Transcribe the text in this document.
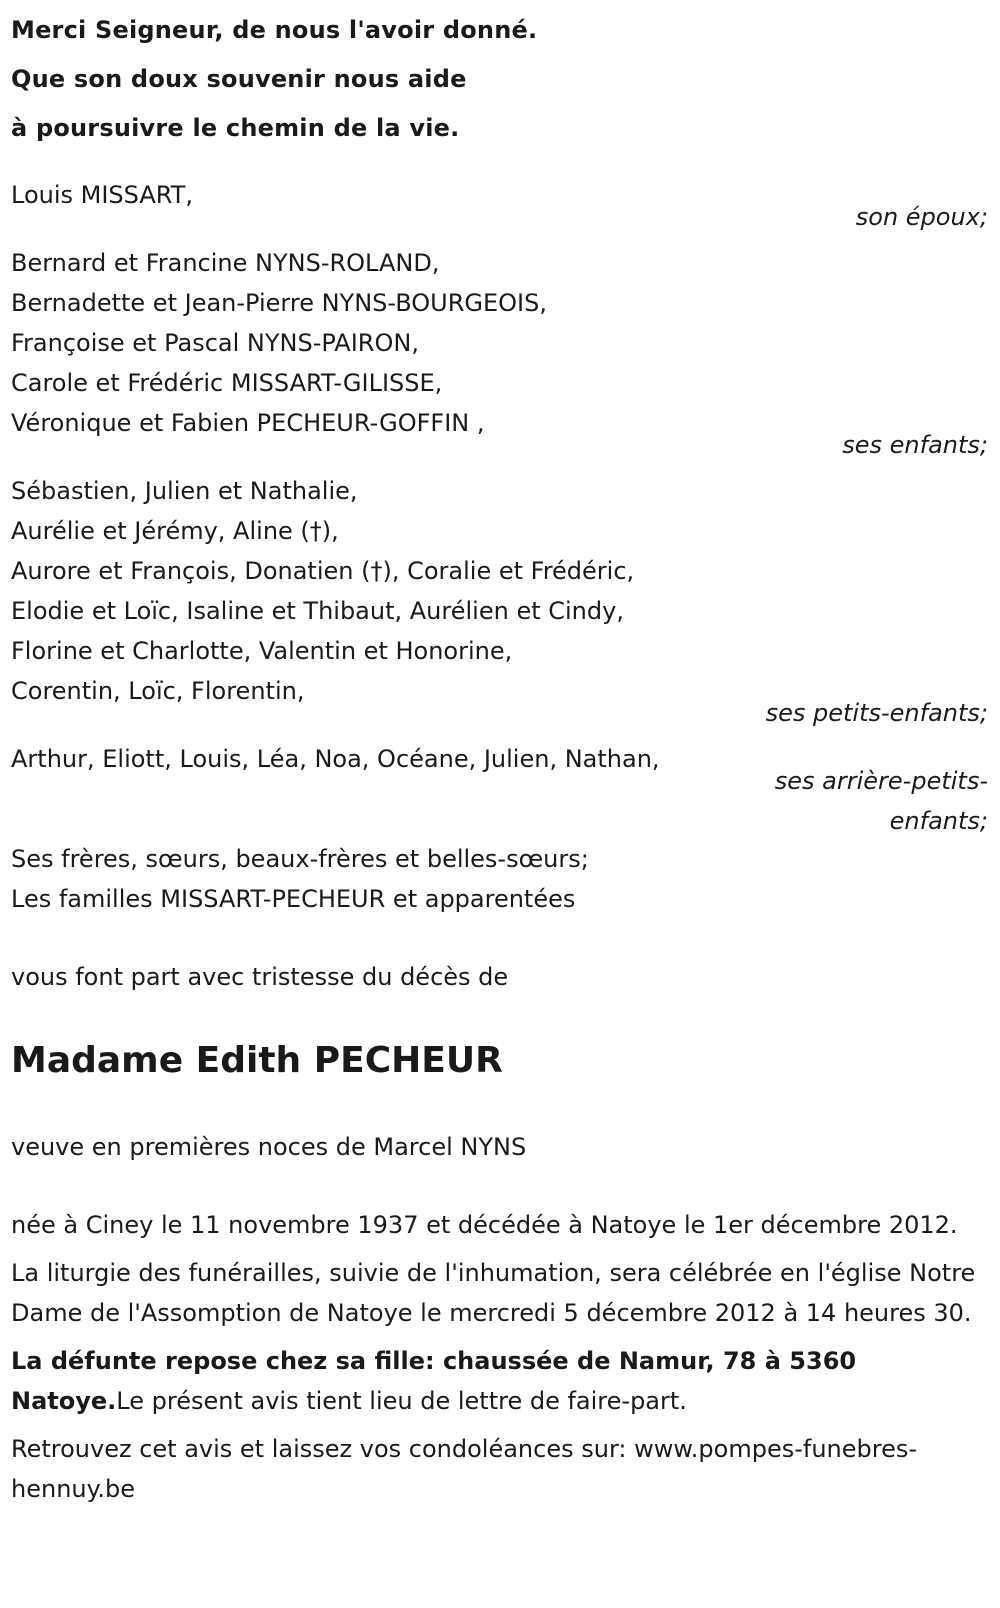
Merci Seigneur, de nous l'avoir donné.
Que son doux souvenir nous aide
à poursuivre le chemin de la vie.
Louis MISSART,
son époux;
Bernard et Francine NYNS-ROLAND,
Bernadette et Jean-Pierre NYNS-BOURGEOIS,
Françoise et Pascal NYNS-PAIRON,
Carole et Frédéric MISSART-GILISSE,
Véronique et Fabien PECHEUR-GOFFIN ,
ses enfants;
Sébastien, Julien et Nathalie,
Aurélie et Jérémy, Aline (†),
Aurore et François, Donatien (†), Coralie et Frédéric,
Elodie et Loïc, Isaline et Thibaut, Aurélien et Cindy,
Florine et Charlotte, Valentin et Honorine,
Corentin, Loïc, Florentin,
ses petits-enfants;
Arthur, Eliott, Louis, Léa, Noa, Océane, Julien, Nathan,
ses arrière-petits-
enfants;
Ses frères, sœurs, beaux-frères et belles-sœurs;
Les familles MISSART-PECHEUR et apparentées
vous font part avec tristesse du décès de
Madame Edith PECHEUR
veuve en premières noces de Marcel NYNS
née à Ciney le 11 novembre 1937 et décédée à Natoye le 1er décembre 2012.
La liturgie des funérailles, suivie de l'inhumation, sera célébrée en l'église Notre Dame de l'Assomption de Natoye le mercredi 5 décembre 2012 à 14 heures 30.
La défunte repose chez sa fille: chaussée de Namur, 78 à 5360 Natoye.Le présent avis tient lieu de lettre de faire-part.
Retrouvez cet avis et laissez vos condoléances sur: www.pompes-funebres-hennuy.be
